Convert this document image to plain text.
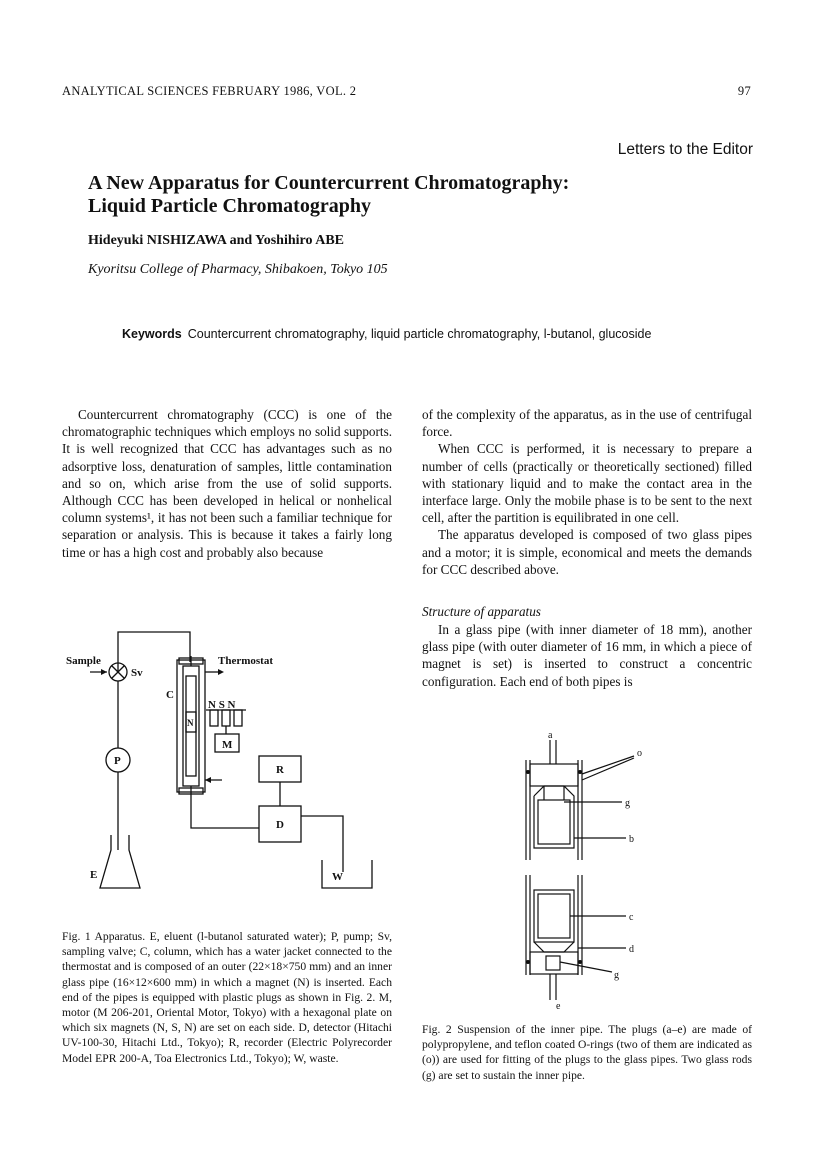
ANALYTICAL SCIENCES FEBRUARY 1986, VOL. 2	97
Letters to the Editor
A New Apparatus for Countercurrent Chromatography:
Liquid Particle Chromatography
Hideyuki NISHIZAWA and Yoshihiro ABE
Kyoritsu College of Pharmacy, Shibakoen, Tokyo 105
Keywords Countercurrent chromatography, liquid particle chromatography, l-butanol, glucoside

Countercurrent chromatography (CCC) is one of the chromatographic techniques which employs no solid supports. It is well recognized that CCC has advantages such as no adsorptive loss, denaturation of samples, little contamination and so on, which arise from the use of solid supports. Although CCC has been developed in helical or nonhelical column systems¹, it has not been such a familiar technique for separation or analysis. This is because it takes a fairly long time or has a high cost and probably also because

of the complexity of the apparatus, as in the use of centrifugal force.

When CCC is performed, it is necessary to prepare a number of cells (practically or theoretically sectioned) filled with stationary liquid and to make the contact area in the interface large. Only the mobile phase is to be sent to the next cell, after the partition is equilibrated in one cell.

The apparatus developed is composed of two glass pipes and a motor; it is simple, economical and meets the demands for CCC described above.

Structure of apparatus

In a glass pipe (with inner diameter of 18 mm), another glass pipe (with outer diameter of 16 mm, in which a piece of magnet is set) is inserted to construct a concentric configuration. Each end of both pipes is

Sample
Sv
Thermostat
C
N S N
M
N
R
P
D
E	W
Fig. 1 Apparatus. E, eluent (l-butanol saturated water); P, pump; Sv, sampling valve; C, column, which has a water jacket connected to the thermostat and is composed of an outer (22×18×750 mm) and an inner glass pipe (16×12×600 mm) in which a magnet (N) is inserted. Each end of the pipes is equipped with plastic plugs as shown in Fig. 2. M, motor (M 206-201, Oriental Motor, Tokyo) with a hexagonal plate on which six magnets (N, S, N) are set on each side. D, detector (Hitachi UV-100-30, Hitachi Ltd., Tokyo); R, recorder (Electric Polyrecorder Model EPR 200-A, Toa Electronics Ltd., Tokyo); W, waste.
a
o
g
b
c
d
g
e
Fig. 2 Suspension of the inner pipe. The plugs (a–e) are made of polypropylene, and teflon coated O-rings (two of them are indicated as (o)) are used for fitting of the plugs to the glass pipes. Two glass rods (g) are set to sustain the inner pipe.
